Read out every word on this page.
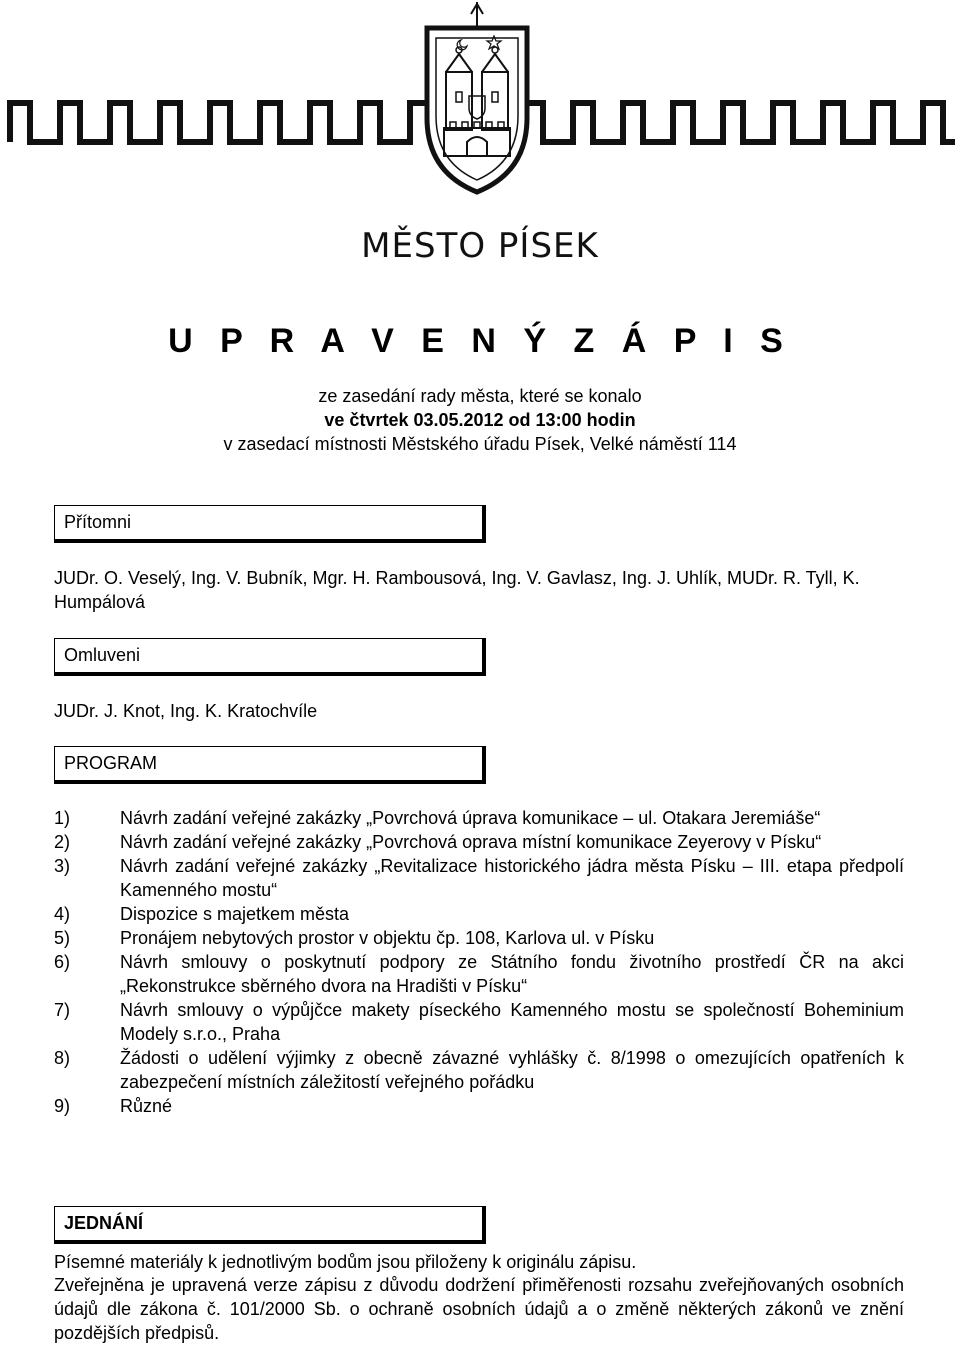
MĚSTO PÍSEK
U P R A V E N Ý Z Á P I S
ze zasedání rady města, které se konalo
ve čtvrtek 03.05.2012 od 13:00 hodin
v zasedací místnosti Městského úřadu Písek, Velké náměstí 114
Přítomni
JUDr. O. Veselý, Ing. V. Bubník, Mgr. H. Rambousová, Ing. V. Gavlasz, Ing. J. Uhlík, MUDr. R. Tyll, K. Humpálová
Omluveni
JUDr. J. Knot, Ing. K. Kratochvíle
PROGRAM
1)	Návrh zadání veřejné zakázky „Povrchová úprava komunikace – ul. Otakara Jeremiáše“
2)	Návrh zadání veřejné zakázky „Povrchová oprava místní komunikace Zeyerovy v Písku“
3)	Návrh zadání veřejné zakázky „Revitalizace historického jádra města Písku – III. etapa předpolí Kamenného mostu“
4)	Dispozice s majetkem města
5)	Pronájem nebytových prostor v objektu čp. 108, Karlova ul. v Písku
6)	Návrh smlouvy o poskytnutí podpory ze Státního fondu životního prostředí ČR na akci „Rekonstrukce sběrného dvora na Hradišti v Písku“
7)	Návrh smlouvy o výpůjčce makety píseckého Kamenného mostu se společností Boheminium Modely s.r.o., Praha
8)	Žádosti o udělení výjimky z obecně závazné vyhlášky č. 8/1998 o omezujících opatřeních k zabezpečení místních záležitostí veřejného pořádku
9)	Různé
JEDNÁNÍ
Písemné materiály k jednotlivým bodům jsou přiloženy k originálu zápisu.
Zveřejněna je upravená verze zápisu z důvodu dodržení přiměřenosti rozsahu zveřejňovaných osobních údajů dle zákona č. 101/2000 Sb. o ochraně osobních údajů a o změně některých zákonů ve znění pozdějších předpisů.
